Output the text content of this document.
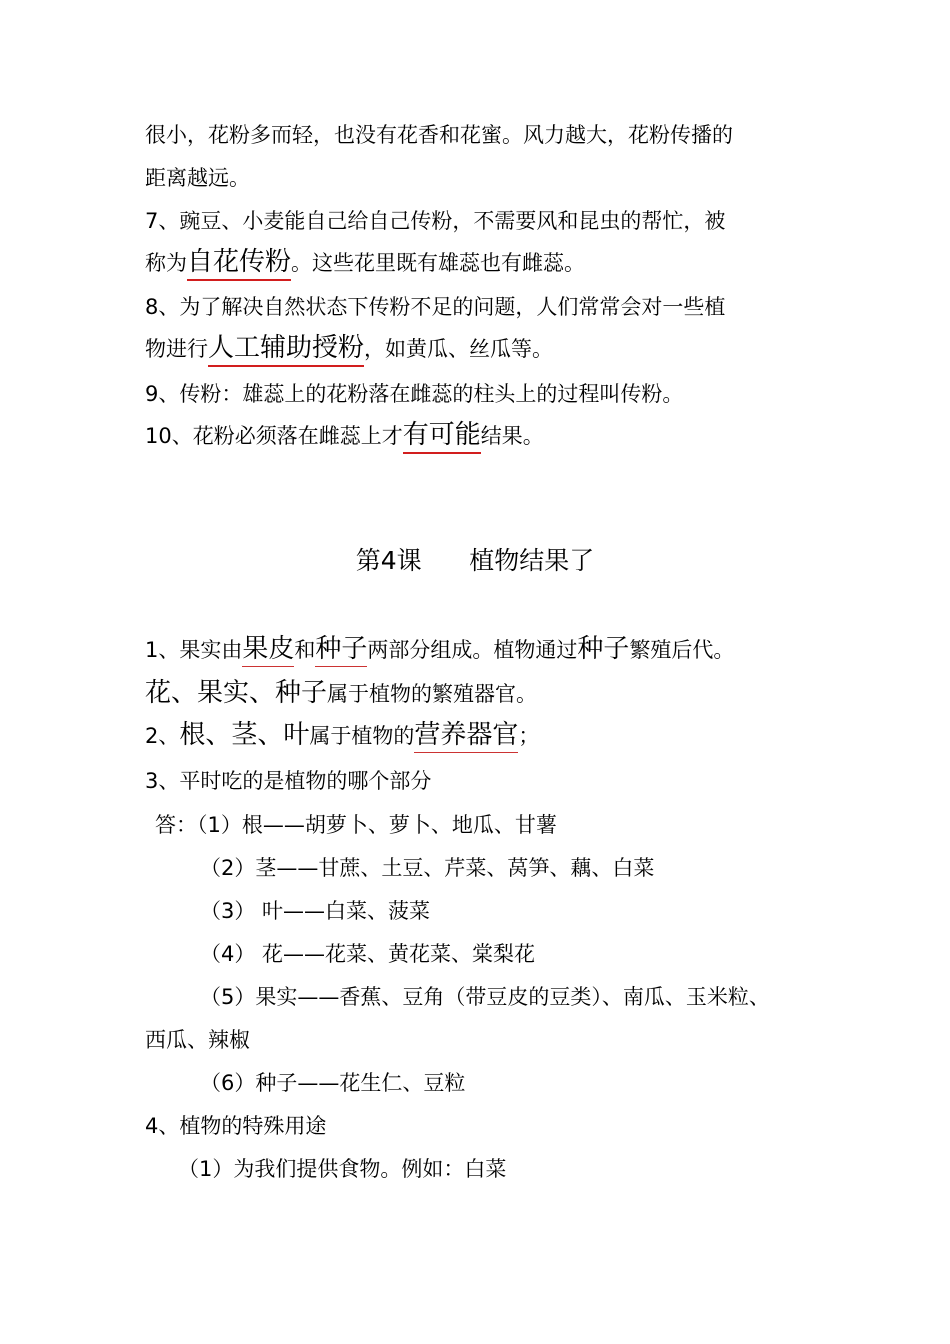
很小，花粉多而轻，也没有花香和花蜜。风力越大，花粉传播的
距离越远。
7、豌豆、小麦能自己给自己传粉，不需要风和昆虫的帮忙，被
称为自花传粉。这些花里既有雄蕊也有雌蕊。
8、为了解决自然状态下传粉不足的问题，人们常常会对一些植
物进行人工辅助授粉，如黄瓜、丝瓜等。
9、传粉：雄蕊上的花粉落在雌蕊的柱头上的过程叫传粉。
10、花粉必须落在雌蕊上才有可能结果。
第4课      植物结果了
1、果实由果皮和种子两部分组成。植物通过种子繁殖后代。
花、果实、种子属于植物的繁殖器官。
2、根、茎、叶属于植物的营养器官；
3、平时吃的是植物的哪个部分
答：（1）根——胡萝卜、萝卜、地瓜、甘薯
（2）茎——甘蔗、土豆、芹菜、莴笋、藕、白菜
（3） 叶——白菜、菠菜
（4） 花——花菜、黄花菜、棠梨花
（5）果实——香蕉、豆角（带豆皮的豆类）、南瓜、玉米粒、
西瓜、辣椒
（6）种子——花生仁、豆粒
4、植物的特殊用途
（1）为我们提供食物。例如：白菜
